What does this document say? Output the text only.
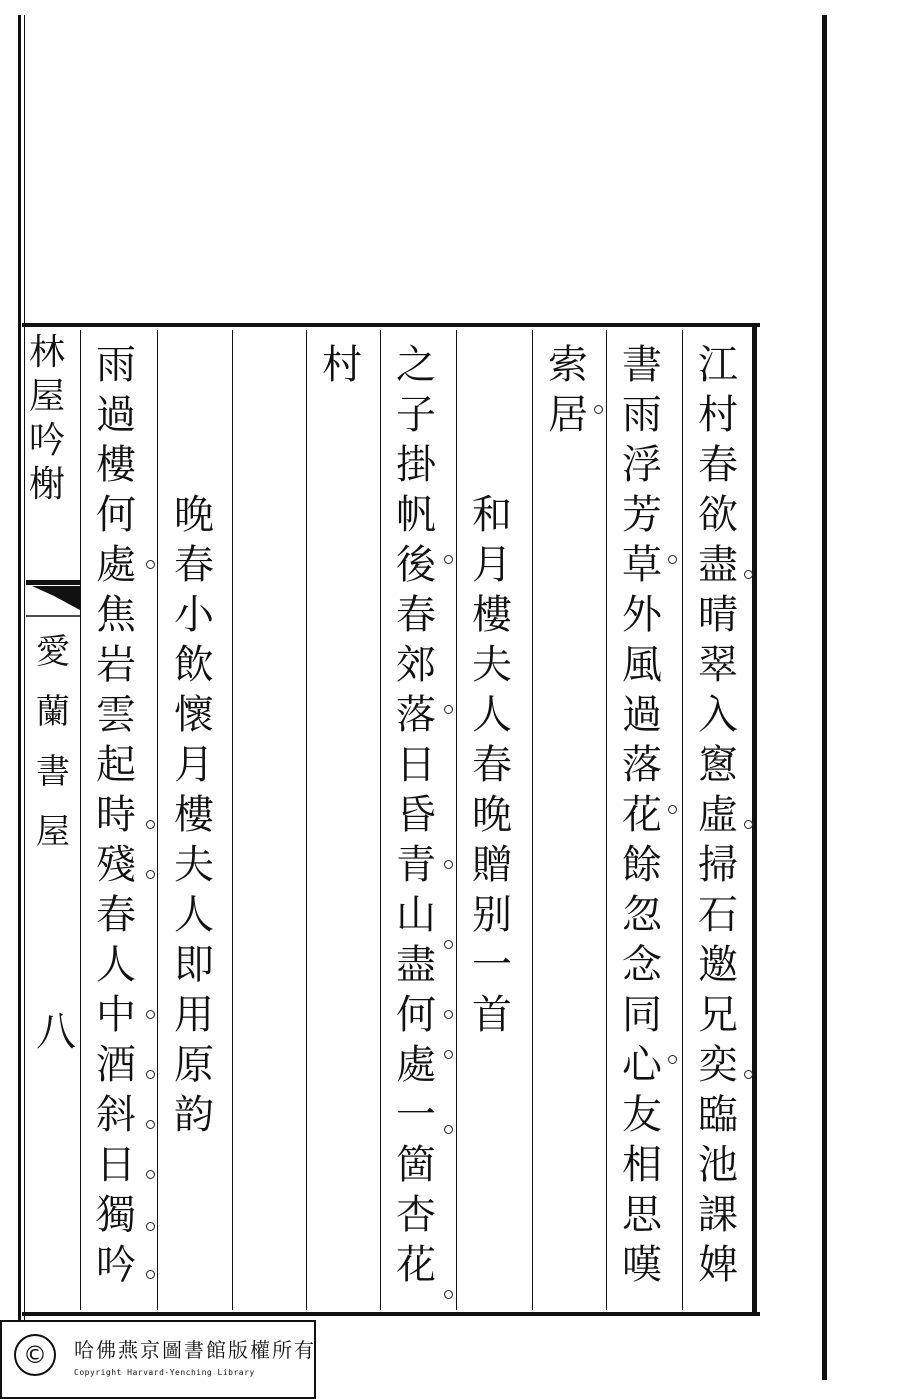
林
屋
吟
榭
愛
蘭
書
屋
八
江
村
春
欲
盡
晴
翠
入
窻
虛
掃
石
邀
兄
奕
臨
池
課
婢
書
雨
浮
芳
草
外
風
過
落
花
餘
忽
念
同
心
友
相
思
嘆
索
居
和
月
樓
夫
人
春
晚
贈
别
一
首
之
子
掛
帆
後
春
郊
落
日
昏
青
山
盡
何
處
一
箇
杏
花
村
晚
春
小
飲
懷
月
樓
夫
人
即
用
原
韵
雨
過
樓
何
處
焦
岩
雲
起
時
殘
春
人
中
酒
斜
日
獨
吟
©	哈佛燕京圖書館版權所有
Copyright Harvard-Yenching Library
